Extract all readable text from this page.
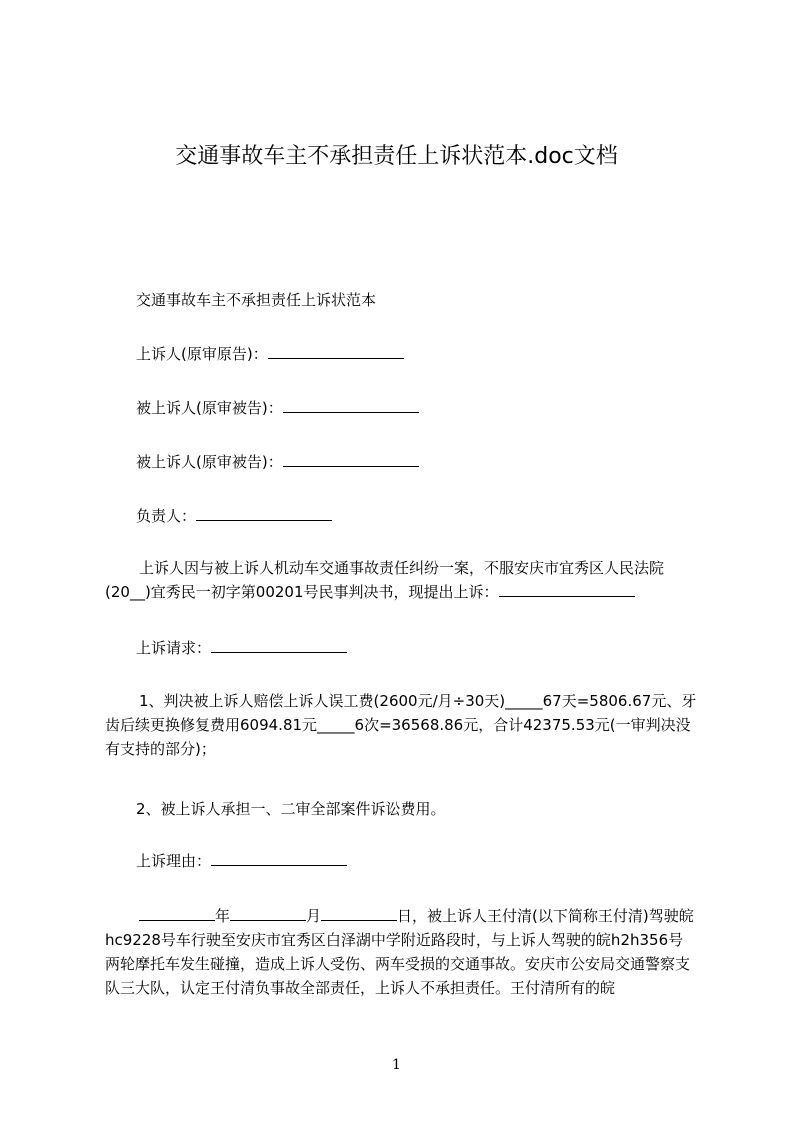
交通事故车主不承担责任上诉状范本.doc文档
交通事故车主不承担责任上诉状范本
上诉人(原审原告)：
被上诉人(原审被告)：
被上诉人(原审被告)：
负责人：
上诉人因与被上诉人机动车交通事故责任纠纷一案，不服安庆市宜秀区人民法院(20__)宜秀民一初字第00201号民事判决书，现提出上诉：
上诉请求：
1、判决被上诉人赔偿上诉人误工费(2600元/月÷30天)_____67天=5806.67元、牙齿后续更换修复费用6094.81元_____6次=36568.86元，合计42375.53元(一审判决没有支持的部分)；
2、被上诉人承担一、二审全部案件诉讼费用。
上诉理由：
年	月	日，被上诉人王付清(以下简称王付清)驾驶皖hc9228号车行驶至安庆市宜秀区白泽湖中学附近路段时，与上诉人驾驶的皖h2h356号两轮摩托车发生碰撞，造成上诉人受伤、两车受损的交通事故。安庆市公安局交通警察支队三大队，认定王付清负事故全部责任，上诉人不承担责任。王付清所有的皖
1
